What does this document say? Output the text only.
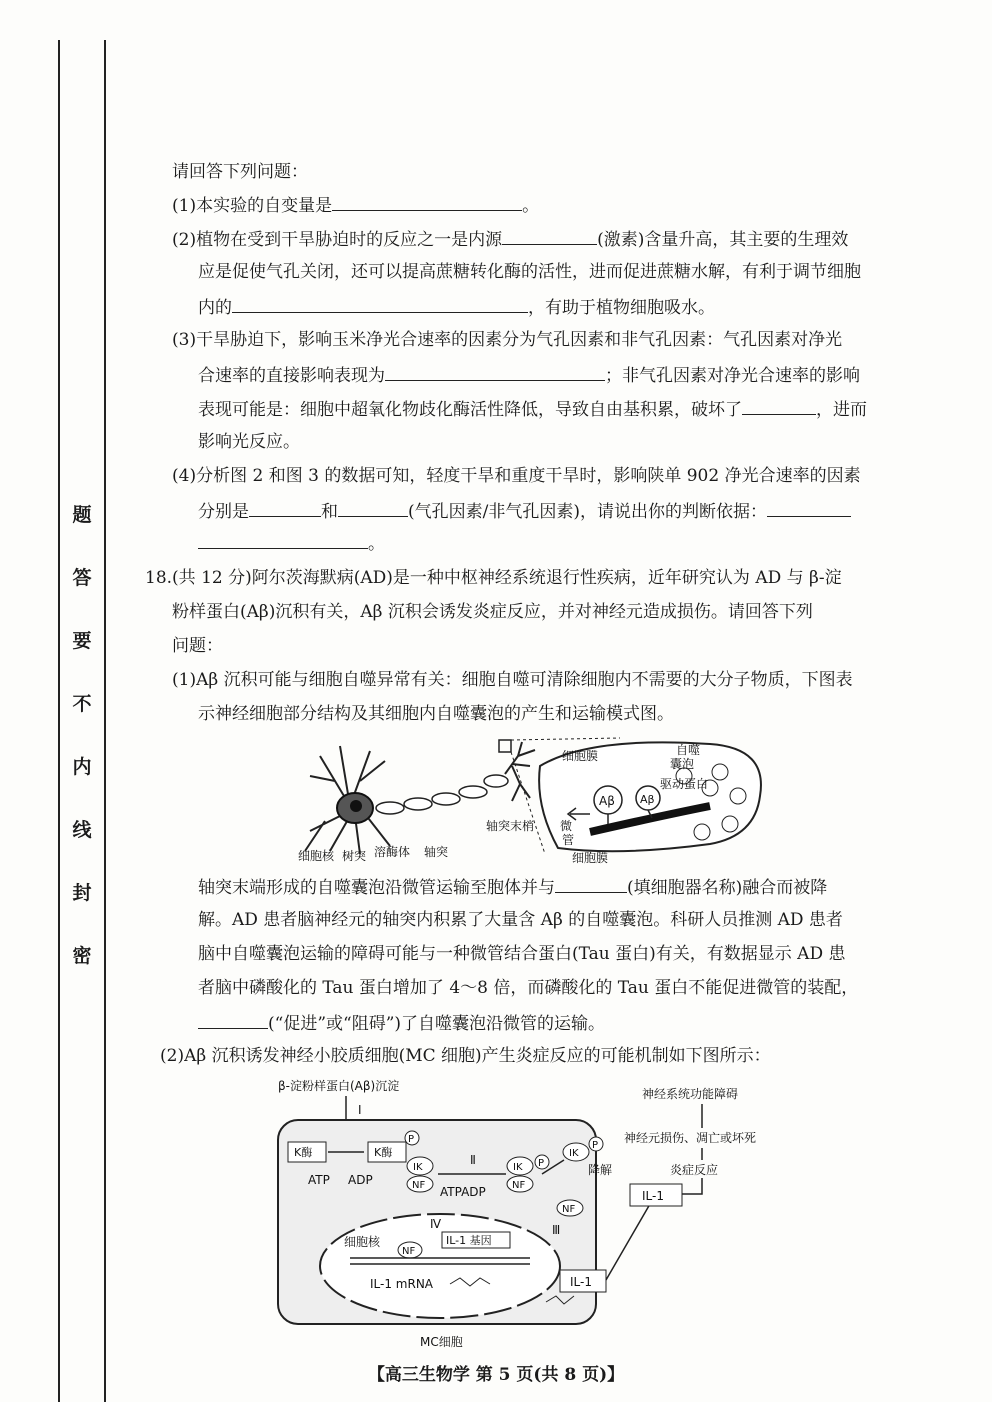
题
答
要
不
内
线
封
密
请回答下列问题：
(1)本实验的自变量是	。
(2)植物在受到干旱胁迫时的反应之一是内源	(激素)含量升高，其主要的生理效
应是促使气孔关闭，还可以提高蔗糖转化酶的活性，进而促进蔗糖水解，有利于调节细胞
内的	，有助于植物细胞吸水。
(3)干旱胁迫下，影响玉米净光合速率的因素分为气孔因素和非气孔因素：气孔因素对净光
合速率的直接影响表现为	；非气孔因素对净光合速率的影响
表现可能是：细胞中超氧化物歧化酶活性降低，导致自由基积累，破坏了	，进而
影响光反应。
(4)分析图 2 和图 3 的数据可知，轻度干旱和重度干旱时，影响陕单 902 净光合速率的因素
分别是	和	(气孔因素/非气孔因素)，请说出你的判断依据：
。
18.(共 12 分)阿尔茨海默病(AD)是一种中枢神经系统退行性疾病，近年研究认为 AD 与 β-淀
粉样蛋白(Aβ)沉积有关，Aβ 沉积会诱发炎症反应，并对神经元造成损伤。请回答下列
问题：
(1)Aβ 沉积可能与细胞自噬异常有关：细胞自噬可清除细胞内不需要的大分子物质，下图表
示神经细胞部分结构及其细胞内自噬囊泡的产生和运输模式图。
Aβ Aβ
细胞膜	自噬
囊泡
驱动蛋白
微
管
细胞膜
轴突末梢
细胞核 树突 溶酶体 轴突
轴突末端形成的自噬囊泡沿微管运输至胞体并与	(填细胞器名称)融合而被降
解。AD 患者脑神经元的轴突内积累了大量含 Aβ 的自噬囊泡。科研人员推测 AD 患者
脑中自噬囊泡运输的障碍可能与一种微管结合蛋白(Tau 蛋白)有关，有数据显示 AD 患
者脑中磷酸化的 Tau 蛋白增加了 4～8 倍，而磷酸化的 Tau 蛋白不能促进微管的装配，
(“促进”或“阻碍”)了自噬囊泡沿微管的运输。
(2)Aβ 沉积诱发神经小胶质细胞(MC 细胞)产生炎症反应的可能机制如下图所示：
β-淀粉样蛋白(Aβ)沉淀
Ⅰ
K酶	K酶
P
ATP ADP
IK
NF
Ⅱ
ATPADP
IK P
NF
IK
P
降解
Ⅲ
NF
细胞核
Ⅳ
NF
IL-1 基因
IL-1 mRNA	IL-1
IL-1
炎症反应
神经元损伤、凋亡或坏死
神经系统功能障碍
MC细胞
【高三生物学 第 5 页(共 8 页)】
